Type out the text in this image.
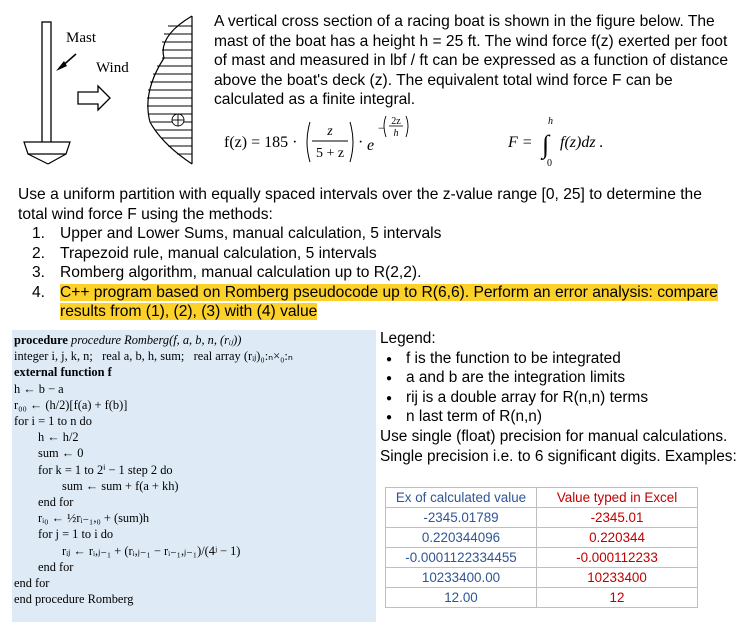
Mast
Wind
A vertical cross section of a racing boat is shown in the figure below. The mast of the boat has a height h = 25 ft. The wind force f(z) exerted per foot of mast and measured in lbf / ft can be expressed as a function of distance above the boat's deck (z). The equivalent total wind force F can be calculated as a finite integral.
f(z) = 185 ·
z
5 + z
· e
− 2z
h
F =
h
∫
0
f(z)dz .
Use a uniform partition with equally spaced intervals over the z-value range [0, 25] to determine the total wind force F using the methods:
1. Upper and Lower Sums, manual calculation, 5 intervals
2. Trapezoid rule, manual calculation, 5 intervals
3. Romberg algorithm, manual calculation up to R(2,2).
4. C++ program based on Romberg pseudocode up to R(6,6). Perform an error analysis: compare results from (1), (2), (3) with (4) value
procedure procedure Romberg(f, a, b, n, (rᵢⱼ))
integer i, j, k, n;   real a, b, h, sum; real array (rᵢⱼ)₀:ₙ×₀:ₙ
external function f
h ← b − a
r₀₀ ← (h/2)[f(a) + f(b)]
for i = 1 to n do
h ← h/2
sum ← 0
for k = 1 to 2ⁱ − 1 step 2 do
sum ← sum + f(a + kh)
end for
rᵢ₀ ← ½rᵢ₋₁,₀ + (sum)h
for j = 1 to i do
rᵢⱼ ← rᵢ,ⱼ₋₁ + (rᵢ,ⱼ₋₁ − rᵢ₋₁,ⱼ₋₁)/(4ʲ − 1)
end for
end for
end procedure Romberg
Legend:
● f is the function to be integrated
● a and b are the integration limits
● rij is a double array for R(n,n) terms
● n last term of R(n,n)
Use single (float) precision for manual calculations. Single precision i.e. to 6 significant digits. Examples:
Ex of calculated value	Value typed in Excel
-2345.01789	-2345.01
0.220344096	0.220344
-0.0001122334455	-0.000112233
10233400.00	10233400
12.00	12
